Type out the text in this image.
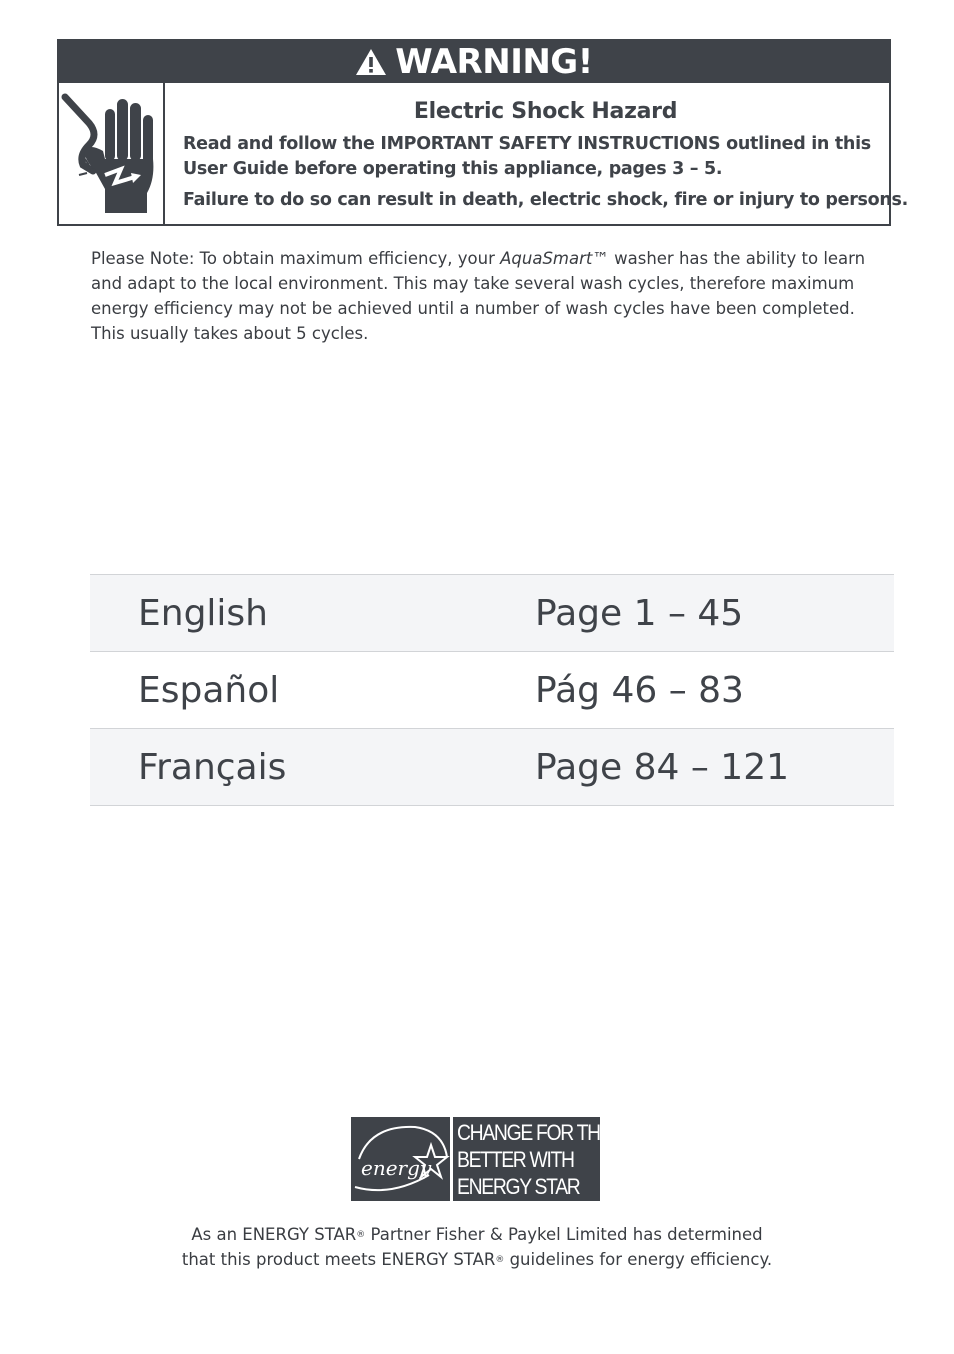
WARNING!
Electric Shock Hazard
Read and follow the IMPORTANT SAFETY INSTRUCTIONS outlined in this
User Guide before operating this appliance, pages 3 – 5.
Failure to do so can result in death, electric shock, fire or injury to persons.
Please Note: To obtain maximum efficiency, your AquaSmart™ washer has the ability to learn and adapt to the local environment. This may take several wash cycles, therefore maximum energy efficiency may not be achieved until a number of wash cycles have been completed. This usually takes about 5 cycles.
English	Page 1 – 45
Español	Pág 46 – 83
Français	Page 84 – 121
energy
CHANGE FOR THE
BETTER WITH
ENERGY STAR
As an ENERGY STAR® Partner Fisher & Paykel Limited has determined
that this product meets ENERGY STAR® guidelines for energy efficiency.
